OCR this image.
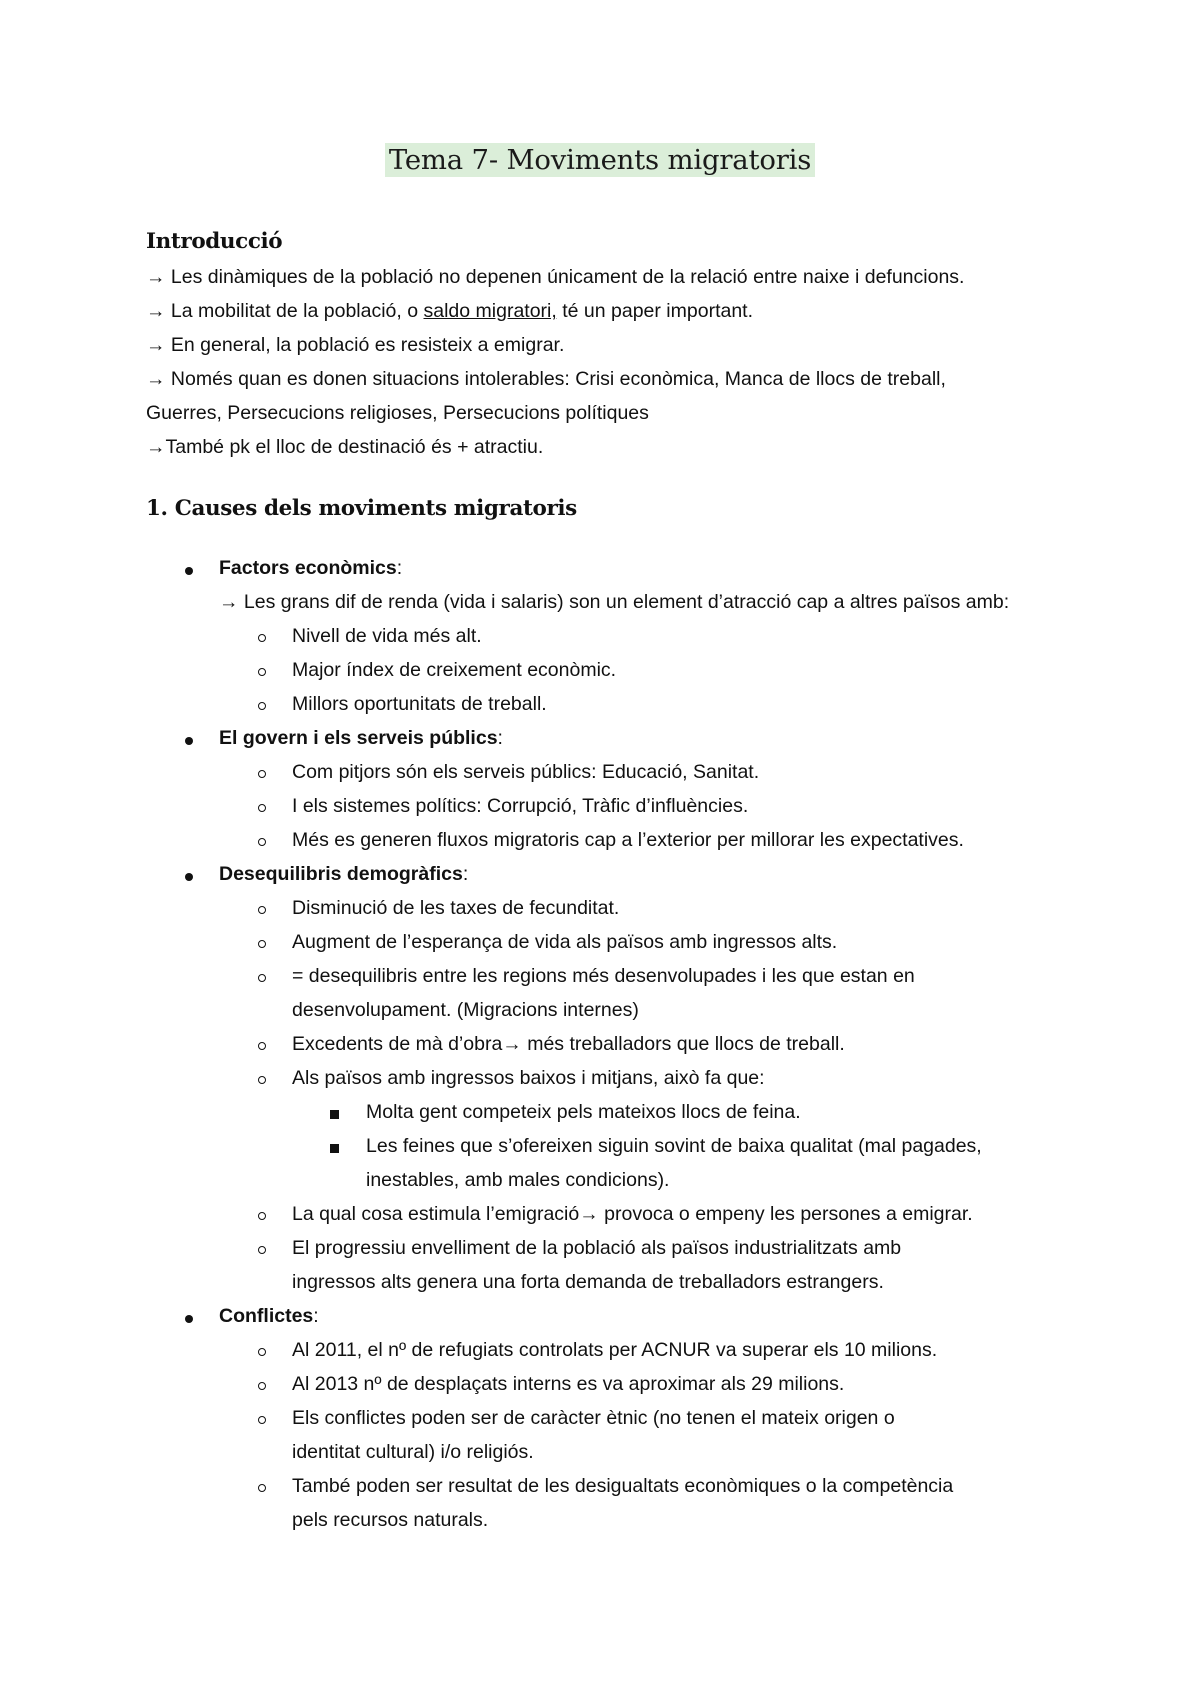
Tema 7- Moviments migratoris
Introducció
→ Les dinàmiques de la població no depenen únicament de la relació entre naixe i defuncions.
→ La mobilitat de la població, o saldo migratori, té un paper important.
→ En general, la població es resisteix a emigrar.
→ Només quan es donen situacions intolerables: Crisi econòmica, Manca de llocs de treball,
Guerres, Persecucions religioses, Persecucions polítiques
→També pk el lloc de destinació és + atractiu.
1. Causes dels moviments migratoris
Factors econòmics:
→ Les grans dif de renda (vida i salaris) son un element d’atracció cap a altres països amb:
Nivell de vida més alt.
Major índex de creixement econòmic.
Millors oportunitats de treball.
El govern i els serveis públics:
Com pitjors són els serveis públics: Educació, Sanitat.
I els sistemes polítics: Corrupció, Tràfic d’influències.
Més es generen fluxos migratoris cap a l’exterior per millorar les expectatives.
Desequilibris demogràfics:
Disminució de les taxes de fecunditat.
Augment de l’esperança de vida als països amb ingressos alts.
= desequilibris entre les regions més desenvolupades i les que estan en
desenvolupament. (Migracions internes)
Excedents de mà d’obra→ més treballadors que llocs de treball.
Als països amb ingressos baixos i mitjans, això fa que:
Molta gent competeix pels mateixos llocs de feina.
Les feines que s’ofereixen siguin sovint de baixa qualitat (mal pagades,
inestables, amb males condicions).
La qual cosa estimula l’emigració→ provoca o empeny les persones a emigrar.
El progressiu envelliment de la població als països industrialitzats amb
ingressos alts genera una forta demanda de treballadors estrangers.
Conflictes:
Al 2011, el nº de refugiats controlats per ACNUR va superar els 10 milions.
Al 2013 nº de desplaçats interns es va aproximar als 29 milions.
Els conflictes poden ser de caràcter ètnic (no tenen el mateix origen o
identitat cultural) i/o religiós.
També poden ser resultat de les desigualtats econòmiques o la competència
pels recursos naturals.
